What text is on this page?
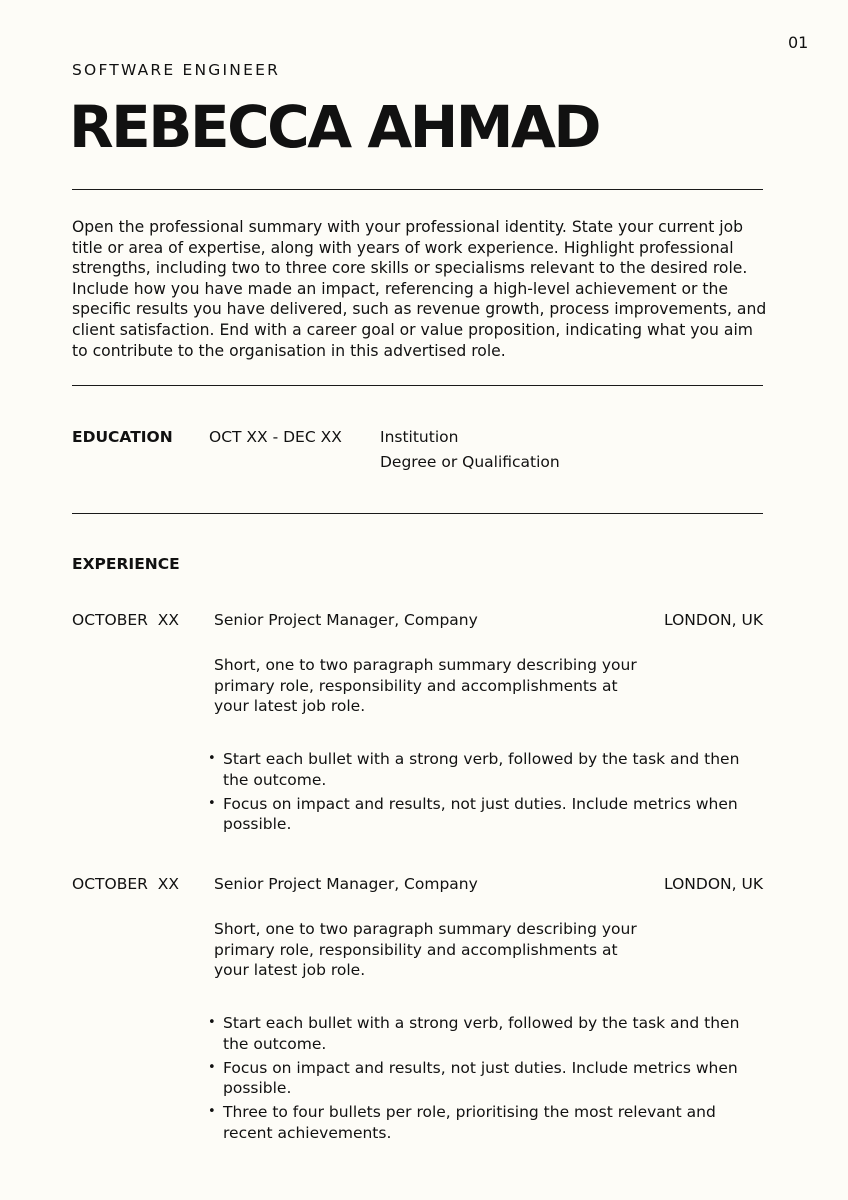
01
SOFTWARE ENGINEER
REBECCA AHMAD
Open the professional summary with your professional identity. State your current job title or area of expertise, along with years of work experience. Highlight professional strengths, including two to three core skills or specialisms relevant to the desired role. Include how you have made an impact, referencing a high-level achievement or the specific results you have delivered, such as revenue growth, process improvements, and client satisfaction. End with a career goal or value proposition, indicating what you aim to contribute to the organisation in this advertised role.
EDUCATION OCT XX - DEC XX Institution
Degree or Qualification
EXPERIENCE
OCTOBER  XX Senior Project Manager, Company	LONDON, UK
Short, one to two paragraph summary describing your primary role, responsibility and accomplishments at your latest job role.
• Start each bullet with a strong verb, followed by the task and then the outcome.
• Focus on impact and results, not just duties. Include metrics when possible.
OCTOBER  XX Senior Project Manager, Company	LONDON, UK
Short, one to two paragraph summary describing your primary role, responsibility and accomplishments at your latest job role.
• Start each bullet with a strong verb, followed by the task and then the outcome.
• Focus on impact and results, not just duties. Include metrics when possible.
• Three to four bullets per role, prioritising the most relevant and recent achievements.
